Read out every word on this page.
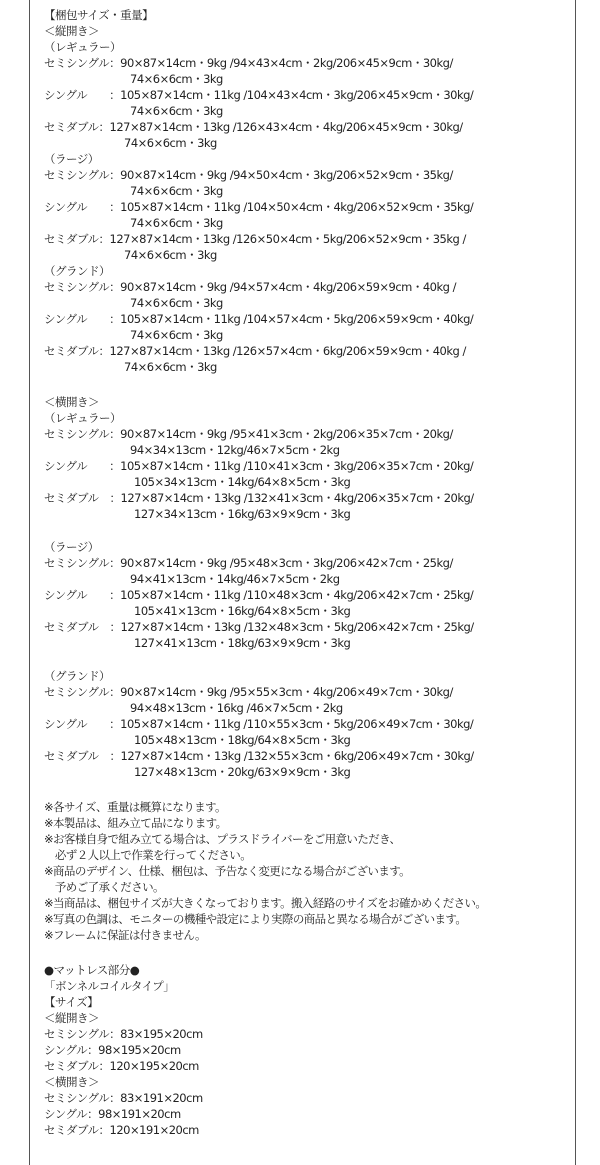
【梱包サイズ・重量】
＜縦開き＞
（レギュラー）
セミシングル：90×87×14cm・9kg /94×43×4cm・2kg/206×45×9cm・30kg/
74×6×6cm・3kg
シングル　　：105×87×14cm・11kg /104×43×4cm・3kg/206×45×9cm・30kg/
74×6×6cm・3kg
セミダブル：127×87×14cm・13kg /126×43×4cm・4kg/206×45×9cm・30kg/
74×6×6cm・3kg
（ラージ）
セミシングル：90×87×14cm・9kg /94×50×4cm・3kg/206×52×9cm・35kg/
74×6×6cm・3kg
シングル　　：105×87×14cm・11kg /104×50×4cm・4kg/206×52×9cm・35kg/
74×6×6cm・3kg
セミダブル：127×87×14cm・13kg /126×50×4cm・5kg/206×52×9cm・35kg /
74×6×6cm・3kg
（グランド）
セミシングル：90×87×14cm・9kg /94×57×4cm・4kg/206×59×9cm・40kg /
74×6×6cm・3kg
シングル　　：105×87×14cm・11kg /104×57×4cm・5kg/206×59×9cm・40kg/
74×6×6cm・3kg
セミダブル：127×87×14cm・13kg /126×57×4cm・6kg/206×59×9cm・40kg /
74×6×6cm・3kg
＜横開き＞
（レギュラー）
セミシングル：90×87×14cm・9kg /95×41×3cm・2kg/206×35×7cm・20kg/
94×34×13cm・12kg/46×7×5cm・2kg
シングル　　：105×87×14cm・11kg /110×41×3cm・3kg/206×35×7cm・20kg/
105×34×13cm・14kg/64×8×5cm・3kg
セミダブル　：127×87×14cm・13kg /132×41×3cm・4kg/206×35×7cm・20kg/
127×34×13cm・16kg/63×9×9cm・3kg
（ラージ）
セミシングル：90×87×14cm・9kg /95×48×3cm・3kg/206×42×7cm・25kg/
94×41×13cm・14kg/46×7×5cm・2kg
シングル　　：105×87×14cm・11kg /110×48×3cm・4kg/206×42×7cm・25kg/
105×41×13cm・16kg/64×8×5cm・3kg
セミダブル　：127×87×14cm・13kg /132×48×3cm・5kg/206×42×7cm・25kg/
127×41×13cm・18kg/63×9×9cm・3kg
（グランド）
セミシングル：90×87×14cm・9kg /95×55×3cm・4kg/206×49×7cm・30kg/
94×48×13cm・16kg /46×7×5cm・2kg
シングル　　：105×87×14cm・11kg /110×55×3cm・5kg/206×49×7cm・30kg/
105×48×13cm・18kg/64×8×5cm・3kg
セミダブル　：127×87×14cm・13kg /132×55×3cm・6kg/206×49×7cm・30kg/
127×48×13cm・20kg/63×9×9cm・3kg
※各サイズ、重量は概算になります。
※本製品は、組み立て品になります。
※お客様自身で組み立てる場合は、プラスドライバーをご用意いただき、
　必ず２人以上で作業を行ってください。
※商品のデザイン、仕様、梱包は、予告なく変更になる場合がございます。
　予めご了承ください。
※当商品は、梱包サイズが大きくなっております。搬入経路のサイズをお確かめください。
※写真の色調は、モニターの機種や設定により実際の商品と異なる場合がございます。
※フレームに保証は付きません。
●マットレス部分●
「ボンネルコイルタイプ」
【サイズ】
＜縦開き＞
セミシングル：83×195×20cm
シングル：98×195×20cm
セミダブル：120×195×20cm
＜横開き＞
セミシングル：83×191×20cm
シングル：98×191×20cm
セミダブル：120×191×20cm
